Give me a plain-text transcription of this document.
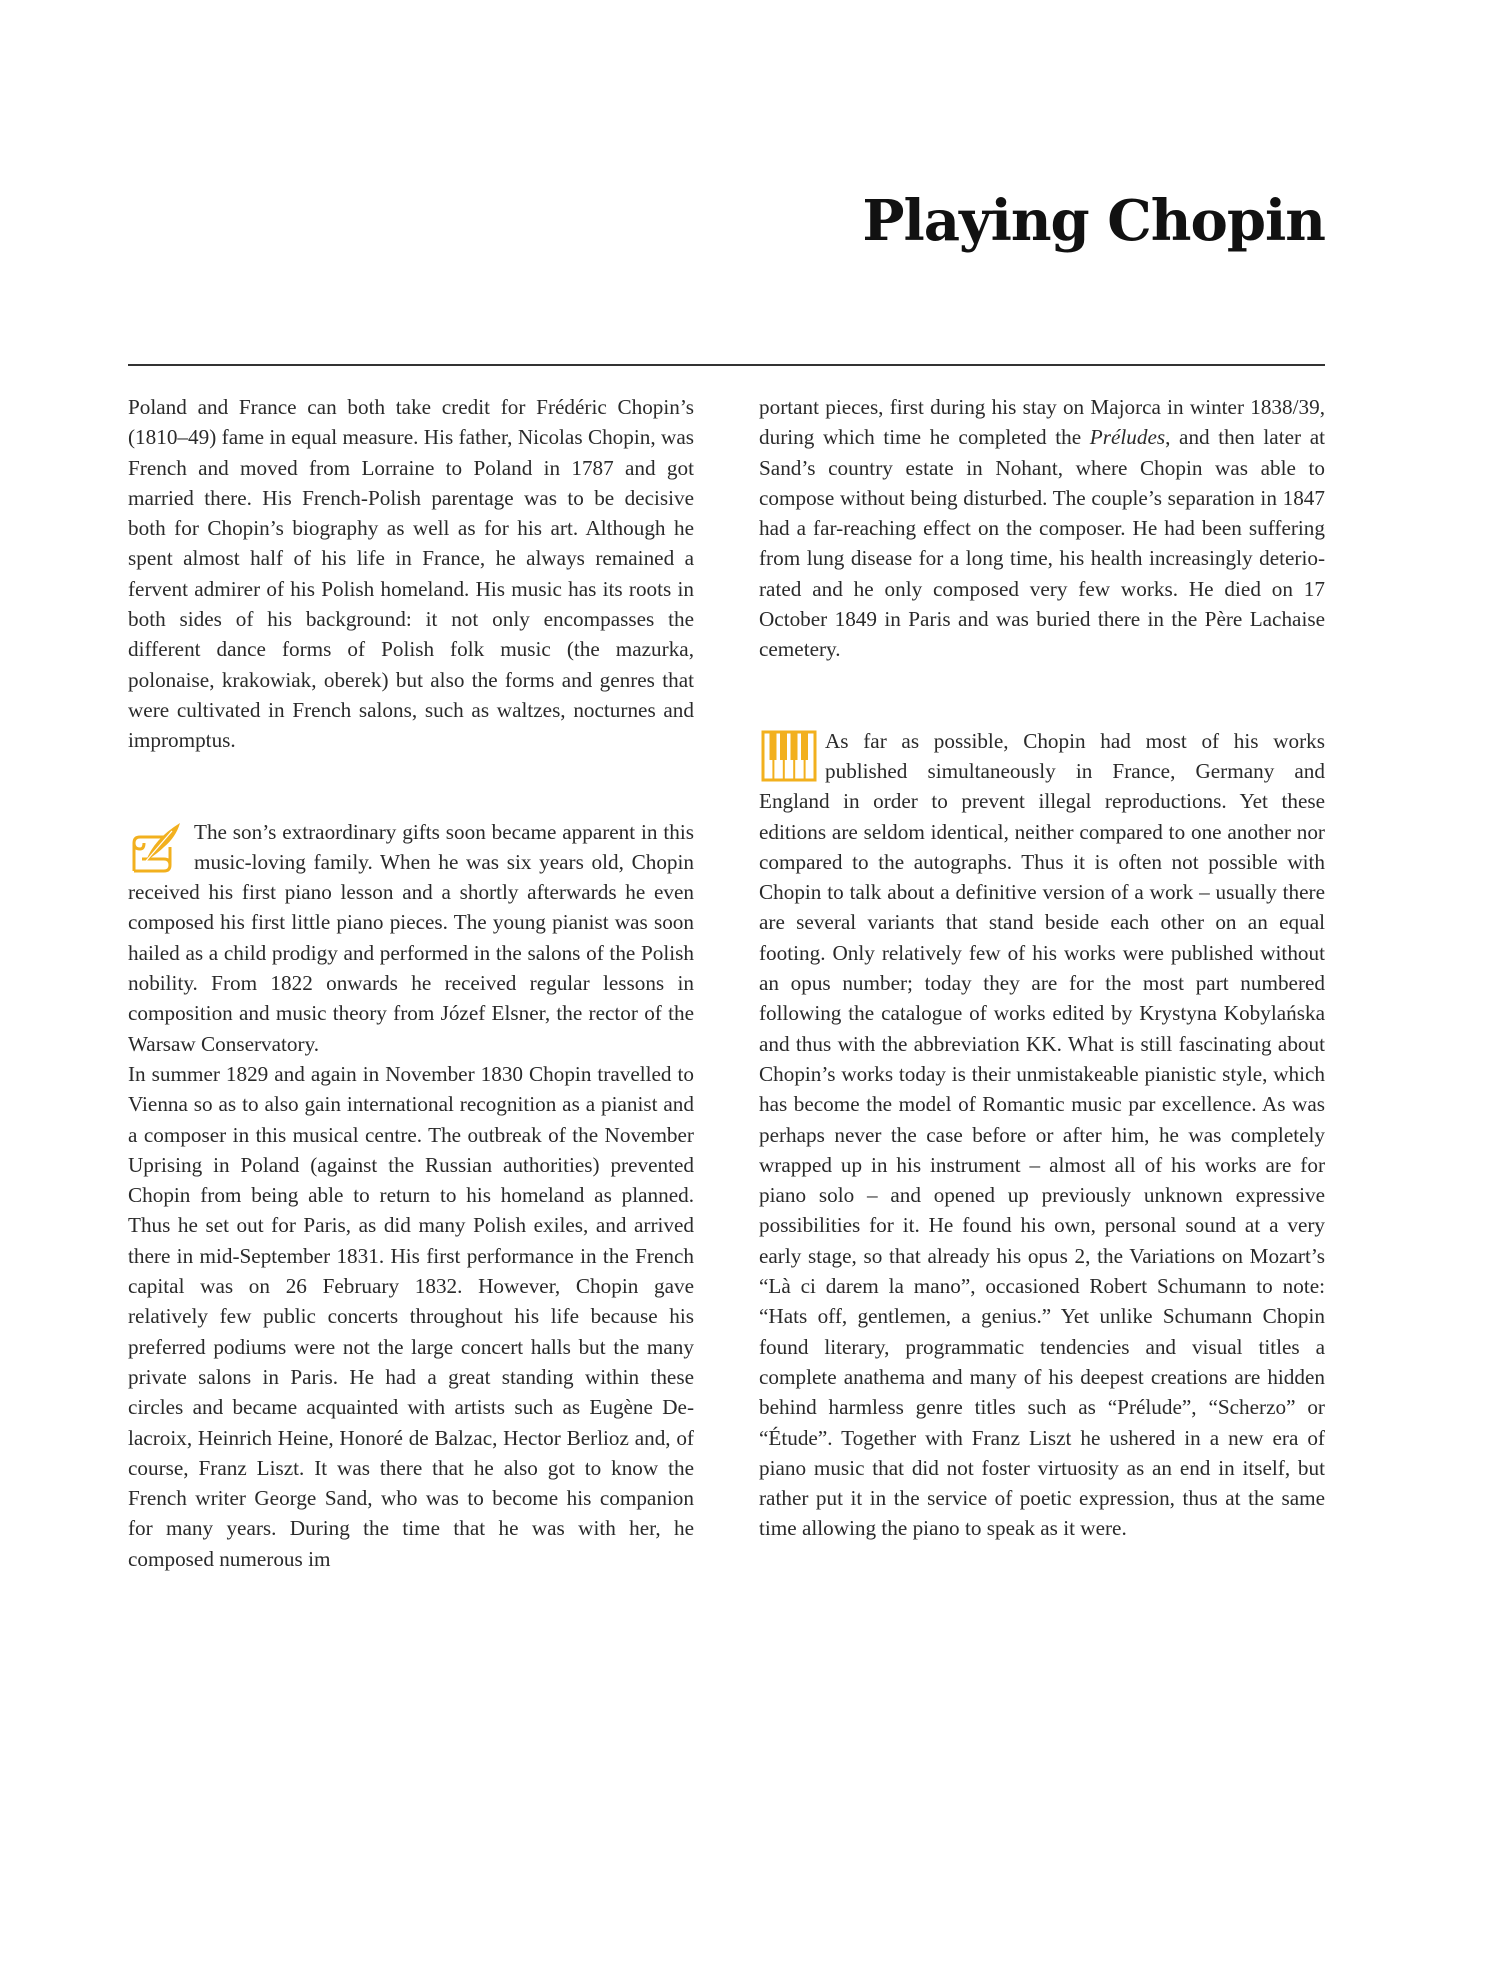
Playing Chopin

Poland and France can both take credit for Frédéric Chopin’s (1810–49) fame in equal measure. His father, Nicolas Chopin, was French and moved from Lorraine to Poland in 1787 and got married there. His French-Polish parentage was to be decisive both for Chopin’s biography as well as for his art. Although he spent almost half of his life in France, he always remained a fervent admirer of his Polish homeland. His music has its roots in both sides of his background: it not only encompasses the different dance forms of Polish folk music (the mazurka, polonaise, krakowiak, oberek) but also the forms and genres that were cultivated in French salons, such as waltzes, nocturnes and impromptus.

The son’s extraordinary gifts soon became apparent in this music-loving family. When he was six years old, Chopin received his first piano lesson and a shortly afterwards he even composed his first little piano pieces. The young pianist was soon hailed as a child prodigy and performed in the salons of the Polish nobility. From 1822 onwards he received regular lessons in composition and music theory from Józef Elsner, the rector of the Warsaw Conservatory.

In summer 1829 and again in November 1830 Chopin travelled to Vienna so as to also gain international recognition as a pianist and a composer in this musical centre. The outbreak of the November Uprising in Poland (against the Russian authorities) prevented Chopin from being able to return to his homeland as planned. Thus he set out for Paris, as did many Polish exiles, and arrived there in mid-September 1831. His first performance in the French capital was on 26 February 1832. However, Chopin gave relatively few public concerts throughout his life because his preferred podiums were not the large concert halls but the many private salons in Paris. He had a great standing within these circles and became acquainted with artists such as Eugène Delacroix, Heinrich Heine, Honoré de Balzac, Hector Berlioz and, of course, Franz Liszt. It was there that he also got to know the French writer George Sand, who was to become his companion for many years. During the time that he was with her, he composed numerous im

portant pieces, first during his stay on Majorca in winter 1838/39, during which time he completed the Préludes, and then later at Sand’s country estate in Nohant, where Chopin was able to compose without being disturbed. The couple’s separation in 1847 had a far-reaching effect on the composer. He had been suffering from lung disease for a long time, his health increasingly deteriorated and he only composed very few works. He died on 17 October 1849 in Paris and was buried there in the Père Lachaise cemetery.

As far as possible, Chopin had most of his works published simultaneously in France, Germany and England in order to prevent illegal reproductions. Yet these editions are seldom identical, neither compared to one another nor compared to the autographs. Thus it is often not possible with Chopin to talk about a definitive version of a work – usually there are several variants that stand beside each other on an equal footing. Only relatively few of his works were published without an opus number; today they are for the most part numbered following the catalogue of works edited by Krystyna Kobylańska and thus with the abbreviation KK. What is still fascinating about Chopin’s works today is their unmistakeable pianistic style, which has become the model of Romantic music par excellence. As was perhaps never the case before or after him, he was completely wrapped up in his instrument – almost all of his works are for piano solo – and opened up previously unknown expressive possibilities for it. He found his own, personal sound at a very early stage, so that already his opus 2, the Variations on Mozart’s “Là ci darem la mano”, occasioned Robert Schumann to note: “Hats off, gentlemen, a genius.” Yet unlike Schumann Chopin found literary, programmatic tendencies and visual titles a complete anathema and many of his deepest creations are hidden behind harmless genre titles such as “Prélude”, “Scherzo” or “Étude”. Together with Franz Liszt he ushered in a new era of piano music that did not foster virtuosity as an end in itself, but rather put it in the service of poetic expression, thus at the same time allowing the piano to speak as it were.
